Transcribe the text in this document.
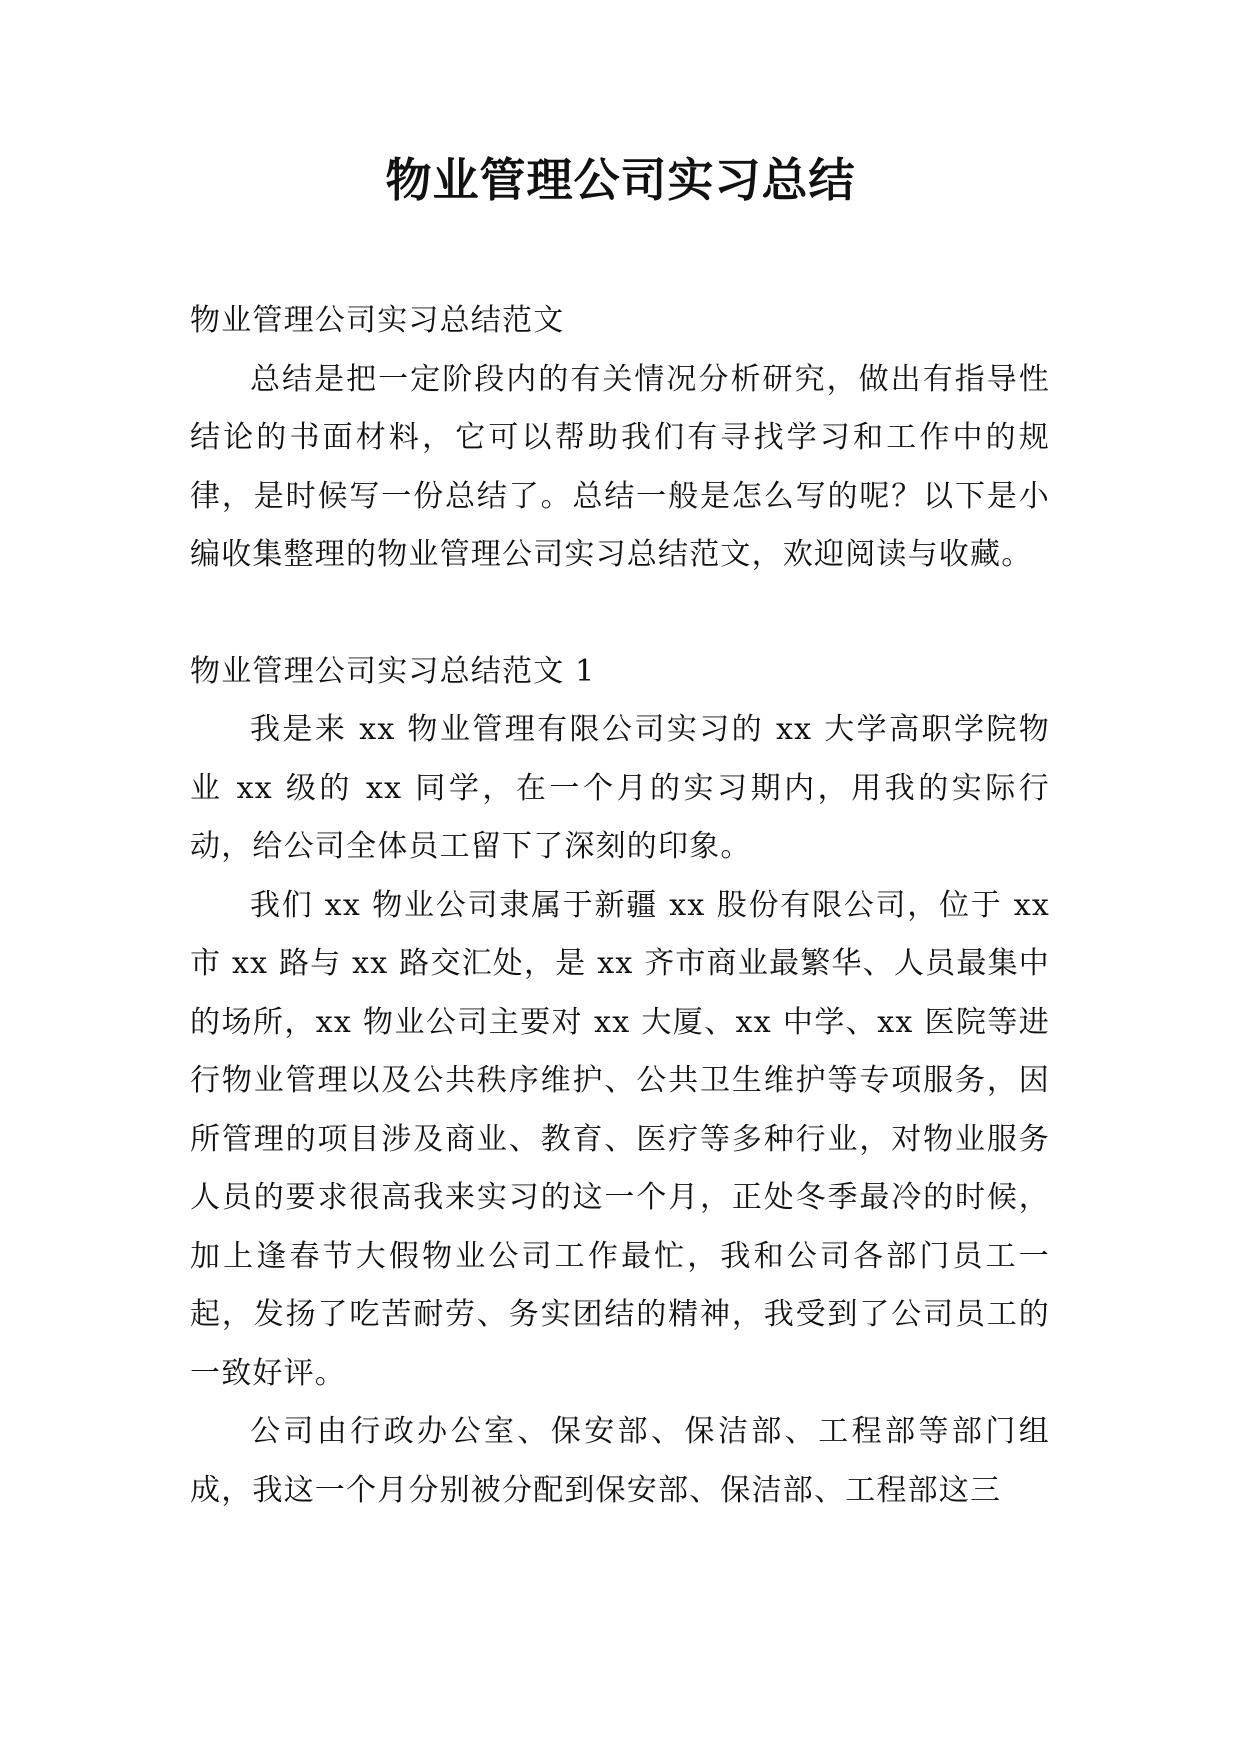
物业管理公司实习总结

物业管理公司实习总结范文

总结是把一定阶段内的有关情况分析研究，做出有指导性结论的书面材料，它可以帮助我们有寻找学习和工作中的规律，是时候写一份总结了。总结一般是怎么写的呢？以下是小编收集整理的物业管理公司实习总结范文，欢迎阅读与收藏。

物业管理公司实习总结范文 1

我是来 xx 物业管理有限公司实习的 xx 大学高职学院物业 xx 级的 xx 同学，在一个月的实习期内，用我的实际行动，给公司全体员工留下了深刻的印象。

我们 xx 物业公司隶属于新疆 xx 股份有限公司，位于 xx 市 xx 路与 xx 路交汇处，是 xx 齐市商业最繁华、人员最集中的场所，xx 物业公司主要对 xx 大厦、xx 中学、xx 医院等进行物业管理以及公共秩序维护、公共卫生维护等专项服务，因所管理的项目涉及商业、教育、医疗等多种行业，对物业服务人员的要求很高我来实习的这一个月，正处冬季最冷的时候，加上逢春节大假物业公司工作最忙，我和公司各部门员工一起，发扬了吃苦耐劳、务实团结的精神，我受到了公司员工的一致好评。

公司由行政办公室、保安部、保洁部、工程部等部门组成，我这一个月分别被分配到保安部、保洁部、工程部这三
